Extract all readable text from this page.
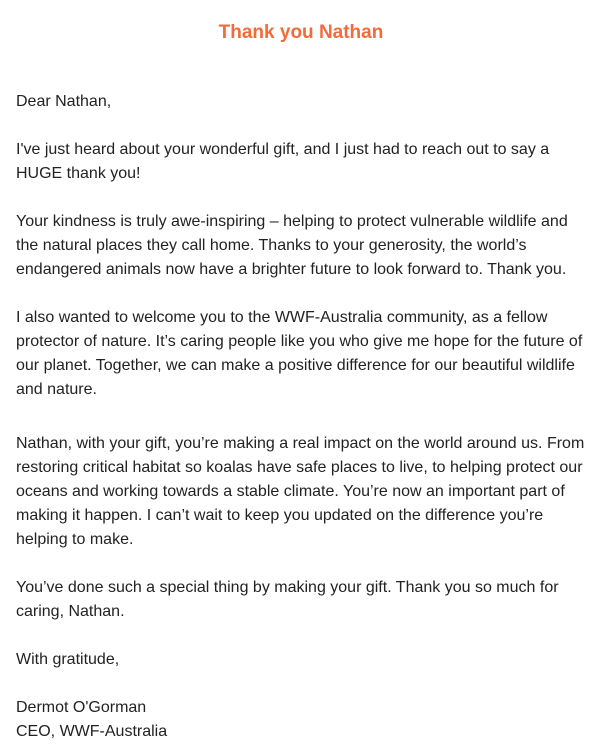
Thank you Nathan

Dear Nathan,

I've just heard about your wonderful gift, and I just had to reach out to say a HUGE thank you!

Your kindness is truly awe-inspiring – helping to protect vulnerable wildlife and the natural places they call home. Thanks to your generosity, the world’s endangered animals now have a brighter future to look forward to. Thank you.

I also wanted to welcome you to the WWF-Australia community, as a fellow protector of nature. It’s caring people like you who give me hope for the future of our planet. Together, we can make a positive difference for our beautiful wildlife and nature.

Nathan, with your gift, you’re making a real impact on the world around us. From restoring critical habitat so koalas have safe places to live, to helping protect our oceans and working towards a stable climate. You’re now an important part of making it happen. I can’t wait to keep you updated on the difference you’re helping to make.

You’ve done such a special thing by making your gift. Thank you so much for caring, Nathan.

With gratitude,

Dermot O'Gorman

CEO, WWF-Australia
